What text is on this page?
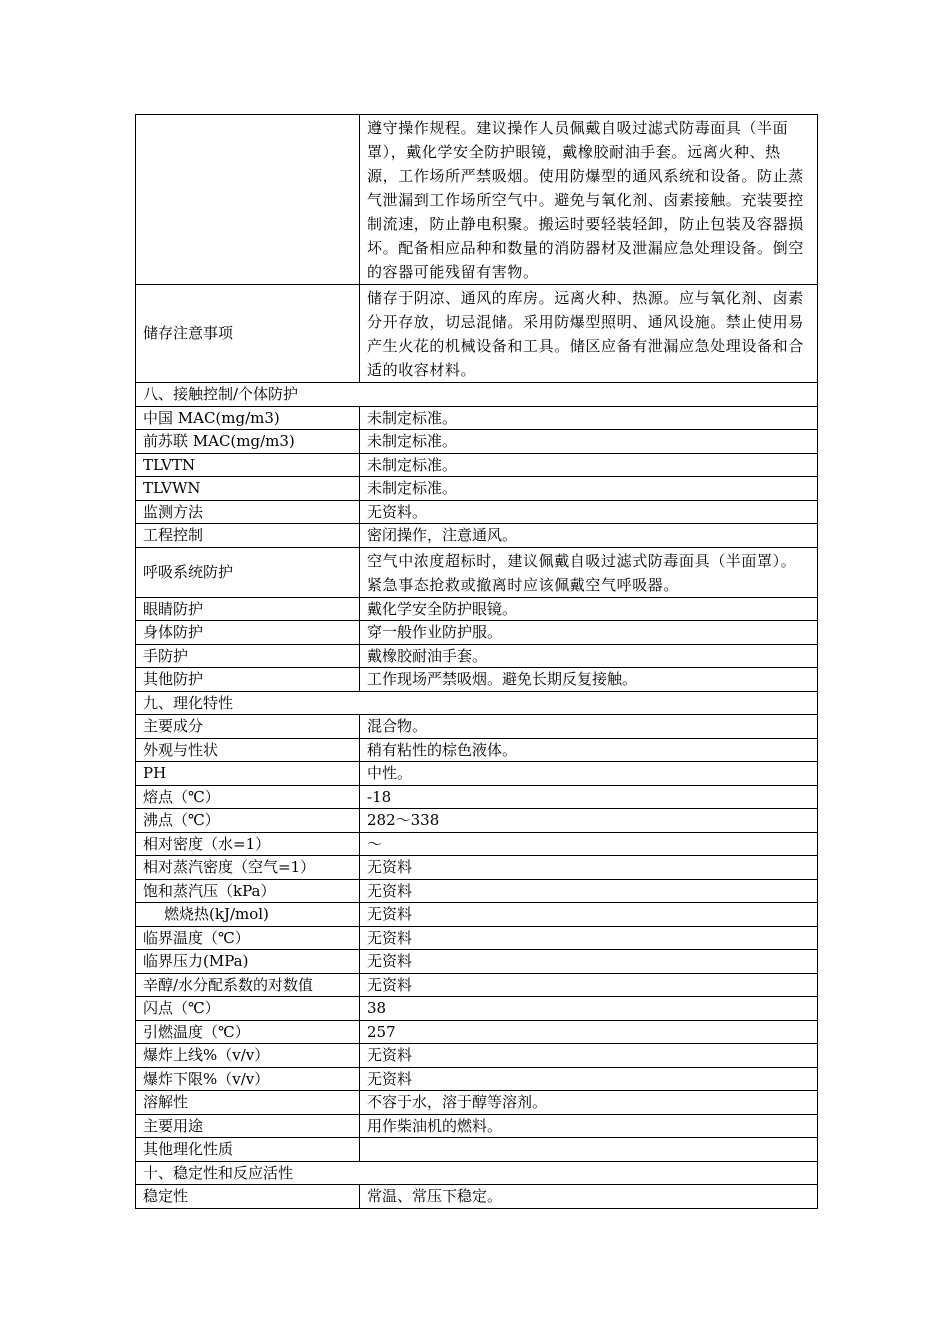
	遵守操作规程。建议操作人员佩戴自吸过滤式防毒面具（半面罩），戴化学安全防护眼镜，戴橡胶耐油手套。远离火种、热源，工作场所严禁吸烟。使用防爆型的通风系统和设备。防止蒸气泄漏到工作场所空气中。避免与氧化剂、卤素接触。充装要控制流速，防止静电积聚。搬运时要轻装轻卸，防止包装及容器损坏。配备相应品种和数量的消防器材及泄漏应急处理设备。倒空的容器可能残留有害物。
储存注意事项	储存于阴凉、通风的库房。远离火种、热源。应与氧化剂、卤素分开存放，切忌混储。采用防爆型照明、通风设施。禁止使用易产生火花的机械设备和工具。储区应备有泄漏应急处理设备和合适的收容材料。
八、接触控制/个体防护	
中国 MAC(mg/m3)	未制定标准。
前苏联 MAC(mg/m3)	未制定标准。
TLVTN	未制定标准。
TLVWN	未制定标准。
监测方法	无资料。
工程控制	密闭操作，注意通风。
呼吸系统防护	空气中浓度超标时，建议佩戴自吸过滤式防毒面具（半面罩）。紧急事态抢救或撤离时应该佩戴空气呼吸器。
眼睛防护	戴化学安全防护眼镜。
身体防护	穿一般作业防护服。
手防护	戴橡胶耐油手套。
其他防护	工作现场严禁吸烟。避免长期反复接触。
九、理化特性	
主要成分	混合物。
外观与性状	稍有粘性的棕色液体。
PH	中性。
熔点（℃）	-18
沸点（℃）	282～338
相对密度（水=1）	～
相对蒸汽密度（空气=1）	无资料
饱和蒸汽压（kPa）	无资料
燃烧热(kJ/mol)	无资料
临界温度（℃）	无资料
临界压力(MPa)	无资料
辛醇/水分配系数的对数值	无资料
闪点（℃）	38
引燃温度（℃）	257
爆炸上线%（v/v）	无资料
爆炸下限%（v/v）	无资料
溶解性	不容于水，溶于醇等溶剂。
主要用途	用作柴油机的燃料。
其他理化性质	
十、稳定性和反应活性	
稳定性	常温、常压下稳定。
